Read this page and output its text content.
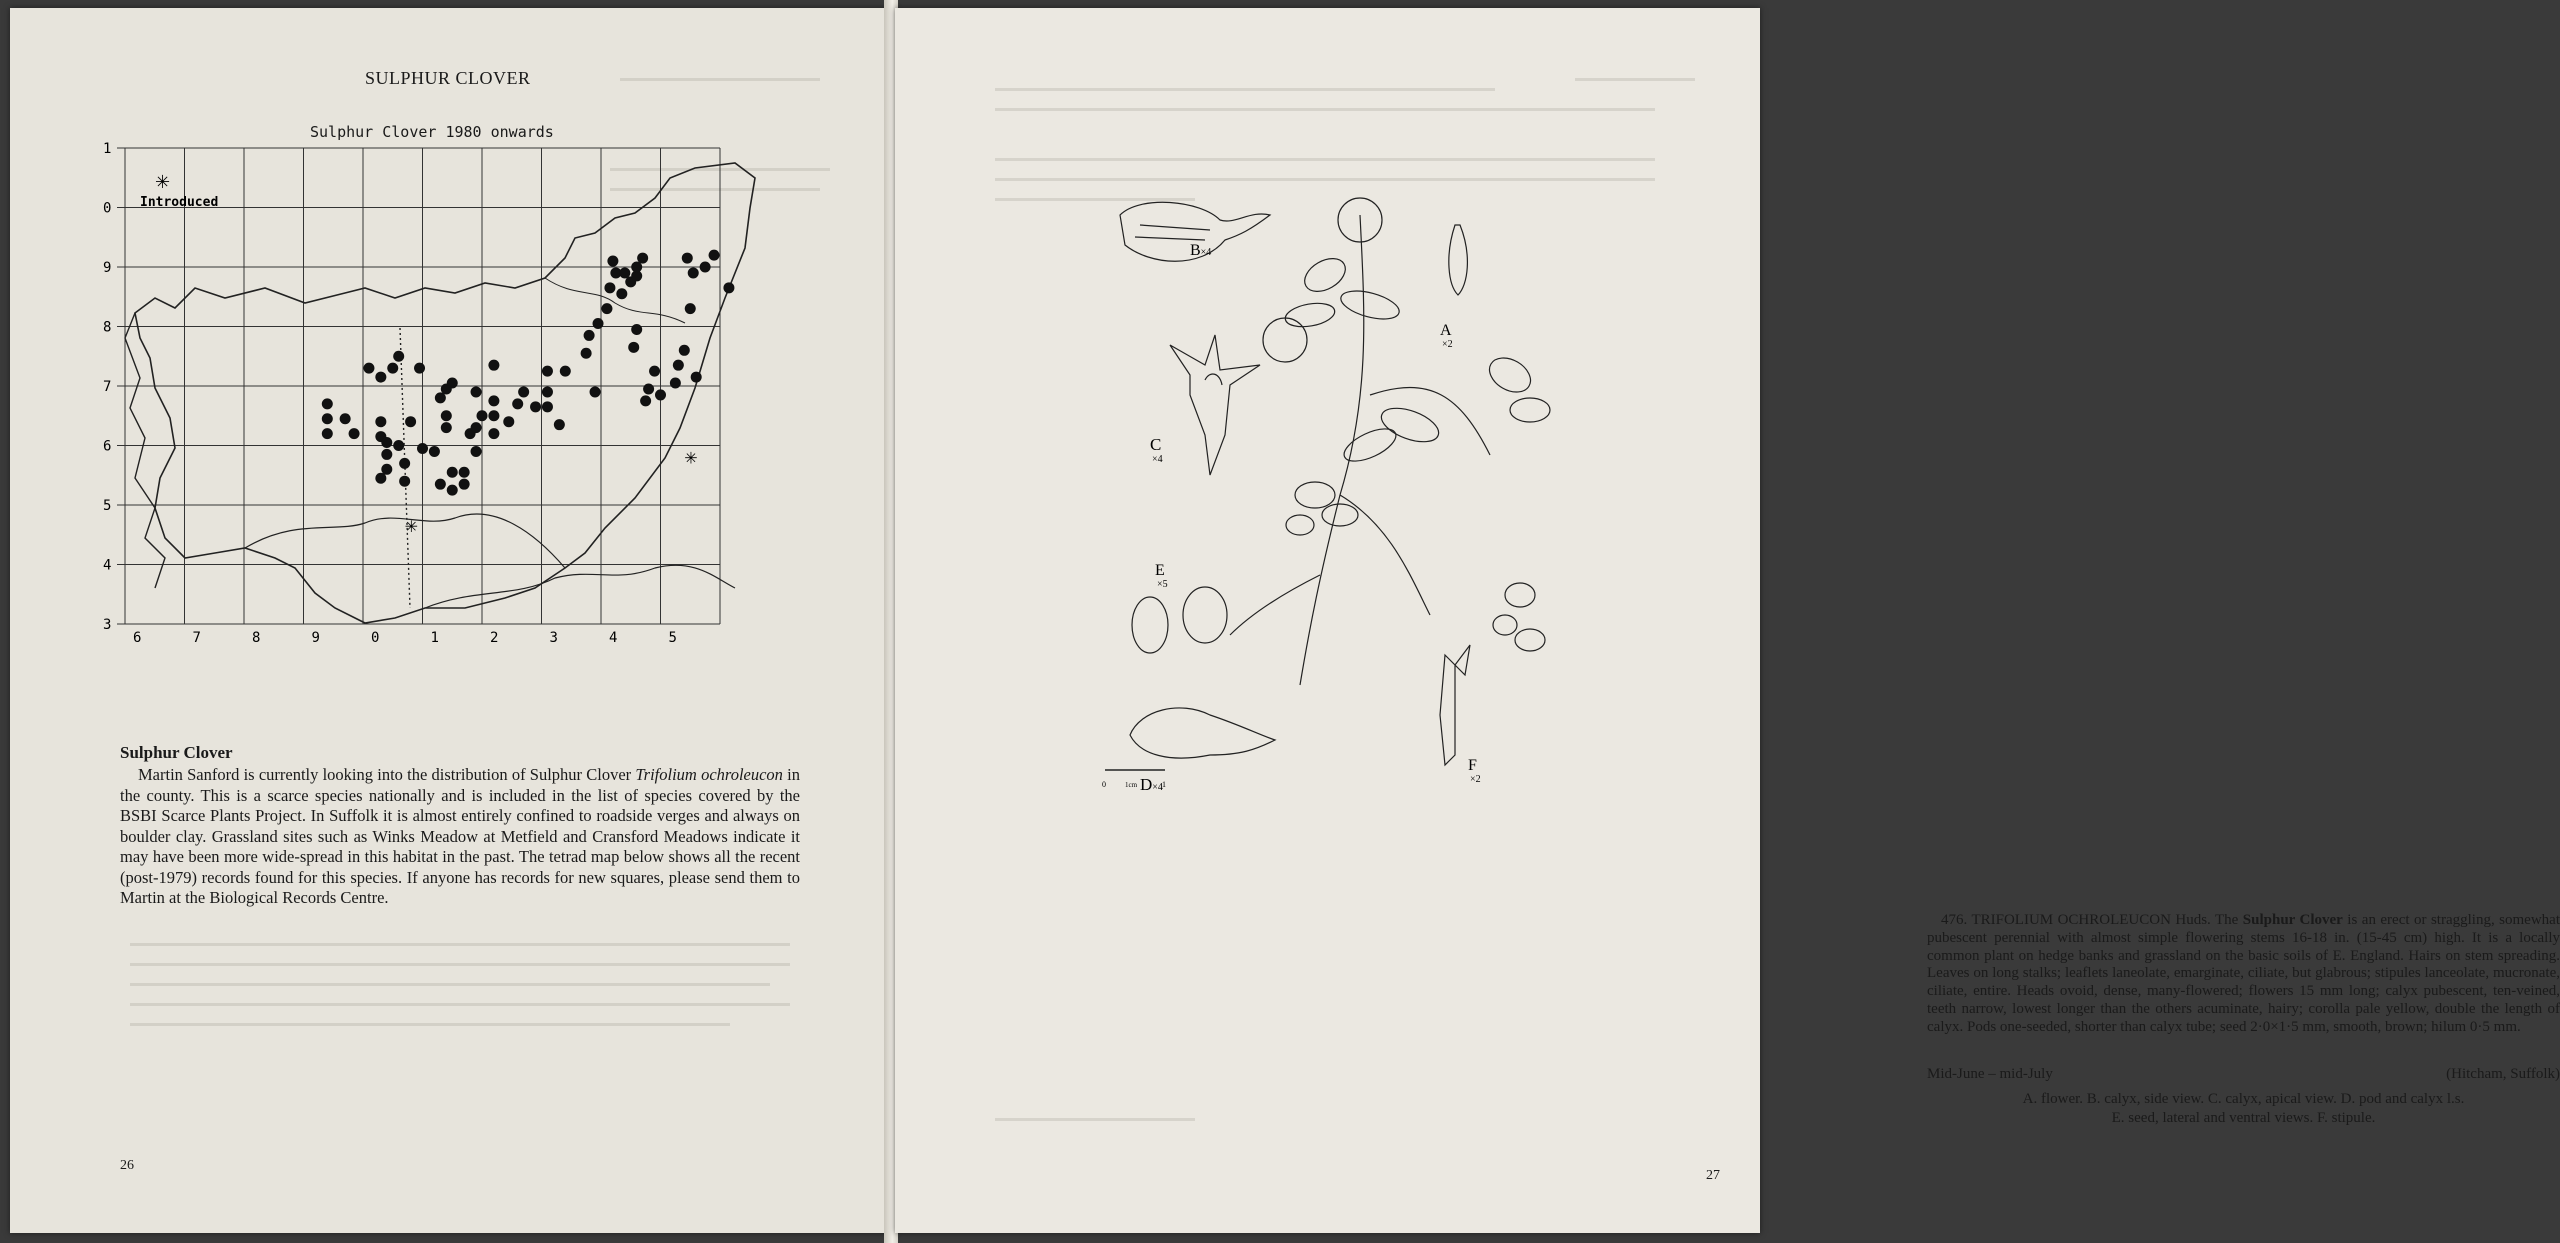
SULPHUR CLOVER
Sulphur Clover 1980 onwards
1
0
9
8
7
6
5
4
3
6	7	8	9	0	1	2	3	4	5
✳
✳
✳
Introduced
Sulphur Clover
Martin Sanford is currently looking into the distribution of Sulphur Clover Trifolium ochroleucon in the county. This is a scarce species nationally and is included in the list of species covered by the BSBI Scarce Plants Project. In Suffolk it is almost entirely confined to roadside verges and always on boulder clay. Grassland sites such as Winks Meadow at Metfield and Cransford Meadows indicate it may have been more wide-spread in this habitat in the past. The tetrad map below shows all the recent (post-1979) records found for this species. If anyone has records for new squares, please send them to Martin at the Biological Records Centre.
26
27
476. TRIFOLIUM OCHROLEUCON Huds. The Sulphur Clover is an erect or straggling, somewhat pubescent perennial with almost simple flowering stems 16-18 in. (15-45 cm) high. It is a locally common plant on hedge banks and grassland on the basic soils of E. England. Hairs on stem spreading. Leaves on long stalks; leaflets laneolate, emarginate, ciliate, but glabrous; stipules lanceolate, mucronate, ciliate, entire. Heads ovoid, dense, many-flowered; flowers 15 mm long; calyx pubescent, ten-veined, teeth narrow, lowest longer than the others acuminate, hairy; corolla pale yellow, double the length of calyx. Pods one-seeded, shorter than calyx tube; seed 2·0×1·5 mm, smooth, brown; hilum 0·5 mm.
Mid-June – mid-July	(Hitcham, Suffolk)
A. flower. B. calyx, side view. C. calyx, apical view. D. pod and calyx l.s.
E. seed, lateral and ventral views. F. stipule.
B×4
A
×2
C
×4
E
×5
D×4
F
×2
0	1cm	1
